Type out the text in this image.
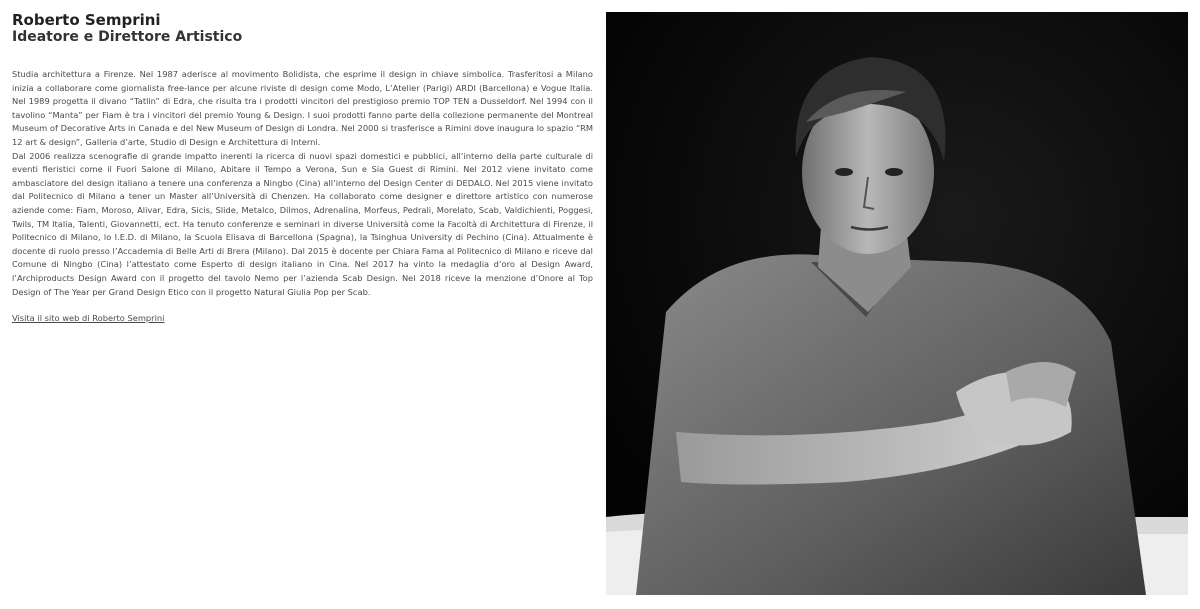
Roberto Semprini
Ideatore e Direttore Artistico

Studia architettura a Firenze. Nel 1987 aderisce al movimento Bolidista, che esprime il design in chiave simbolica. Trasferitosi a Milano inizia a collaborare come giornalista free-lance per alcune riviste di design come Modo, L’Atelier (Parigi) ARDI (Barcellona) e Vogue Italia. Nel 1989 progetta il divano “Tatlin” di Edra, che risulta tra i prodotti vincitori del prestigioso premio TOP TEN a Dusseldorf. Nel 1994 con il tavolino “Manta” per Fiam è tra i vincitori del premio Young & Design. I suoi prodotti fanno parte della collezione permanente del Montreal Museum of Decorative Arts in Canada e del New Museum of Design di Londra. Nel 2000 si trasferisce a Rimini dove inaugura lo spazio “RM 12 art & design”, Galleria d’arte, Studio di Design e Architettura di Interni.

Dal 2006 realizza scenografie di grande impatto inerenti la ricerca di nuovi spazi domestici e pubblici, all’interno della parte culturale di eventi fieristici come il Fuori Salone di Milano, Abitare il Tempo a Verona, Sun e Sia Guest di Rimini. Nel 2012 viene invitato come ambasciatore del design italiano a tenere una conferenza a Ningbo (Cina) all’interno del Design Center di DEDALO. Nel 2015 viene invitato dal Politecnico di Milano a tener un Master all’Università di Chenzen. Ha collaborato come designer e direttore artistico con numerose aziende come: Fiam, Moroso, Alivar, Edra, Sicis, Slide, Metalco, Dilmos, Adrenalina, Morfeus, Pedrali, Morelato, Scab, Valdichienti, Poggesi, Twils, TM Italia, Talenti, Giovannetti, ect. Ha tenuto conferenze e seminari in diverse Università come la Facoltà di Architettura di Firenze, il Politecnico di Milano, lo I.E.D. di Milano, la Scuola Elisava di Barcellona (Spagna), la Tsinghua University di Pechino (Cina). Attualmente è docente di ruolo presso l’Accademia di Belle Arti di Brera (Milano). Dal 2015 è docente per Chiara Fama al Politecnico di Milano e riceve dal Comune di Ningbo (Cina) l’attestato come Esperto di design italiano in Cina. Nel 2017 ha vinto la medaglia d’oro al Design Award, l’Archiproducts Design Award con il progetto del tavolo Nemo per l’azienda Scab Design. Nel 2018 riceve la menzione d’Onore al Top Design of The Year per Grand Design Etico con il progetto Natural Giulia Pop per Scab.

Visita il sito web di Roberto Semprini
